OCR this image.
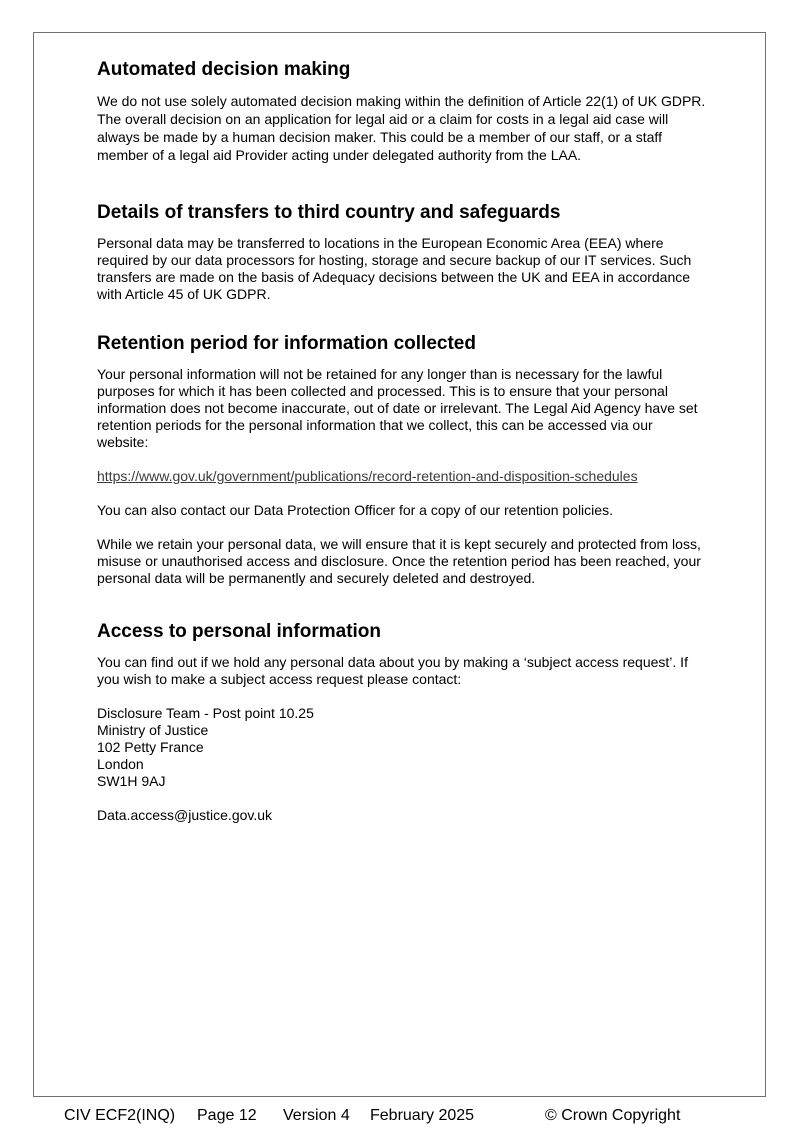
Automated decision making

We do not use solely automated decision making within the definition of Article 22(1) of UK GDPR. The overall decision on an application for legal aid or a claim for costs in a legal aid case will always be made by a human decision maker. This could be a member of our staff, or a staff member of a legal aid Provider acting under delegated authority from the LAA.

Details of transfers to third country and safeguards

Personal data may be transferred to locations in the European Economic Area (EEA) where required by our data processors for hosting, storage and secure backup of our IT services. Such transfers are made on the basis of Adequacy decisions between the UK and EEA in accordance with Article 45 of UK GDPR.

Retention period for information collected

Your personal information will not be retained for any longer than is necessary for the lawful purposes for which it has been collected and processed. This is to ensure that your personal information does not become inaccurate, out of date or irrelevant. The Legal Aid Agency have set retention periods for the personal information that we collect, this can be accessed via our website:

https://www.gov.uk/government/publications/record-retention-and-disposition-schedules

You can also contact our Data Protection Officer for a copy of our retention policies.

While we retain your personal data, we will ensure that it is kept securely and protected from loss, misuse or unauthorised access and disclosure. Once the retention period has been reached, your personal data will be permanently and securely deleted and destroyed.

Access to personal information

You can find out if we hold any personal data about you by making a ‘subject access request’. If you wish to make a subject access request please contact:

Disclosure Team - Post point 10.25
Ministry of Justice
102 Petty France
London
SW1H 9AJ

Data.access@justice.gov.uk

CIV ECF2(INQ) Page 12 Version 4 February 2025	© Crown Copyright
